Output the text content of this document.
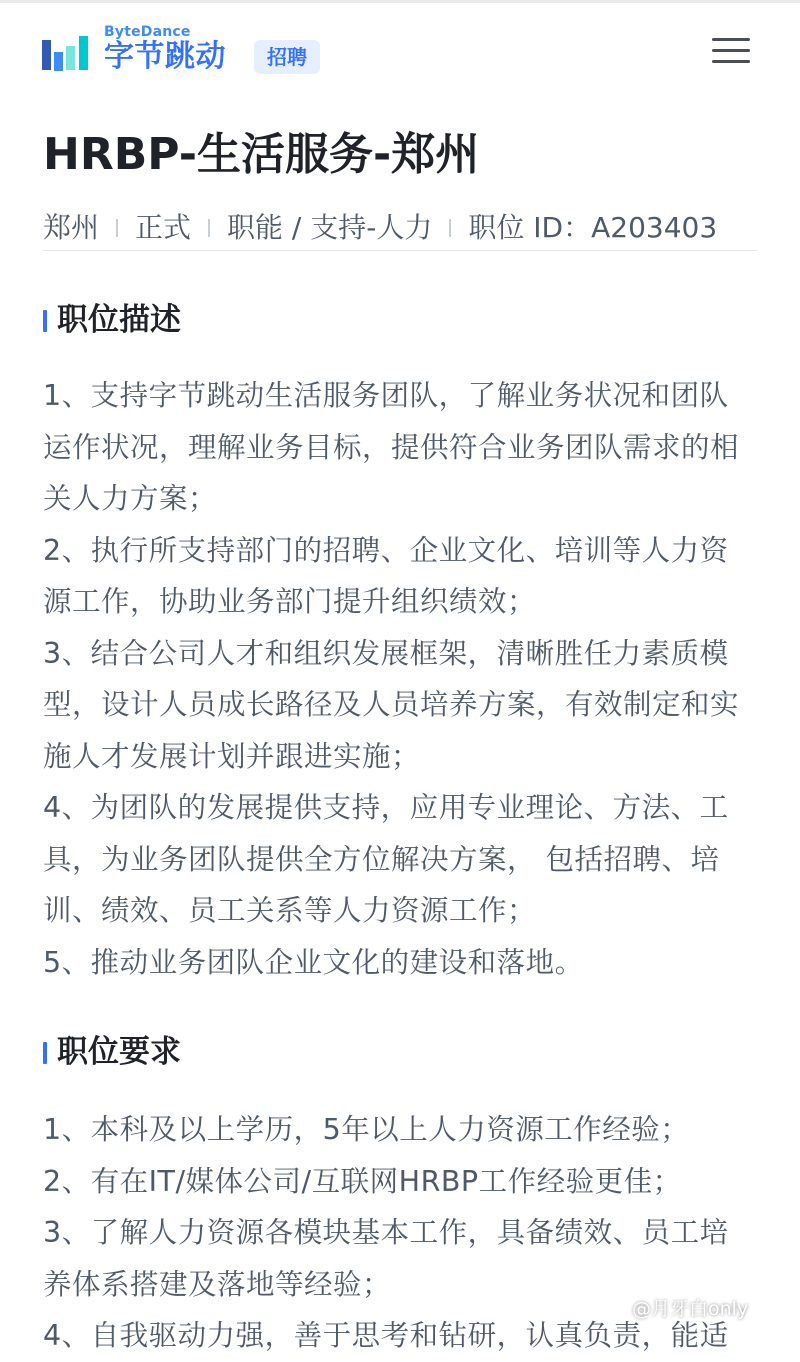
ByteDance
字节跳动	招聘
HRBP-生活服务-郑州
郑州 正式 职能 / 支持-人力 职位 ID：A203403
职位描述

1、支持字节跳动生活服务团队，了解业务状况和团队运作状况，理解业务目标，提供符合业务团队需求的相关人力方案；

2、执行所支持部门的招聘、企业文化、培训等人力资源工作，协助业务部门提升组织绩效；

3、结合公司人才和组织发展框架，清晰胜任力素质模型，设计人员成长路径及人员培养方案，有效制定和实施人才发展计划并跟进实施；

4、为团队的发展提供支持，应用专业理论、方法、工具，为业务团队提供全方位解决方案， 包括招聘、培训、绩效、员工关系等人力资源工作；

5、推动业务团队企业文化的建设和落地。

职位要求

1、本科及以上学历，5年以上人力资源工作经验；

2、有在IT/媒体公司/互联网HRBP工作经验更佳；

3、了解人力资源各模块基本工作，具备绩效、员工培养体系搭建及落地等经验；

4、自我驱动力强，善于思考和钻研，认真负责，能适

@月牙白only
